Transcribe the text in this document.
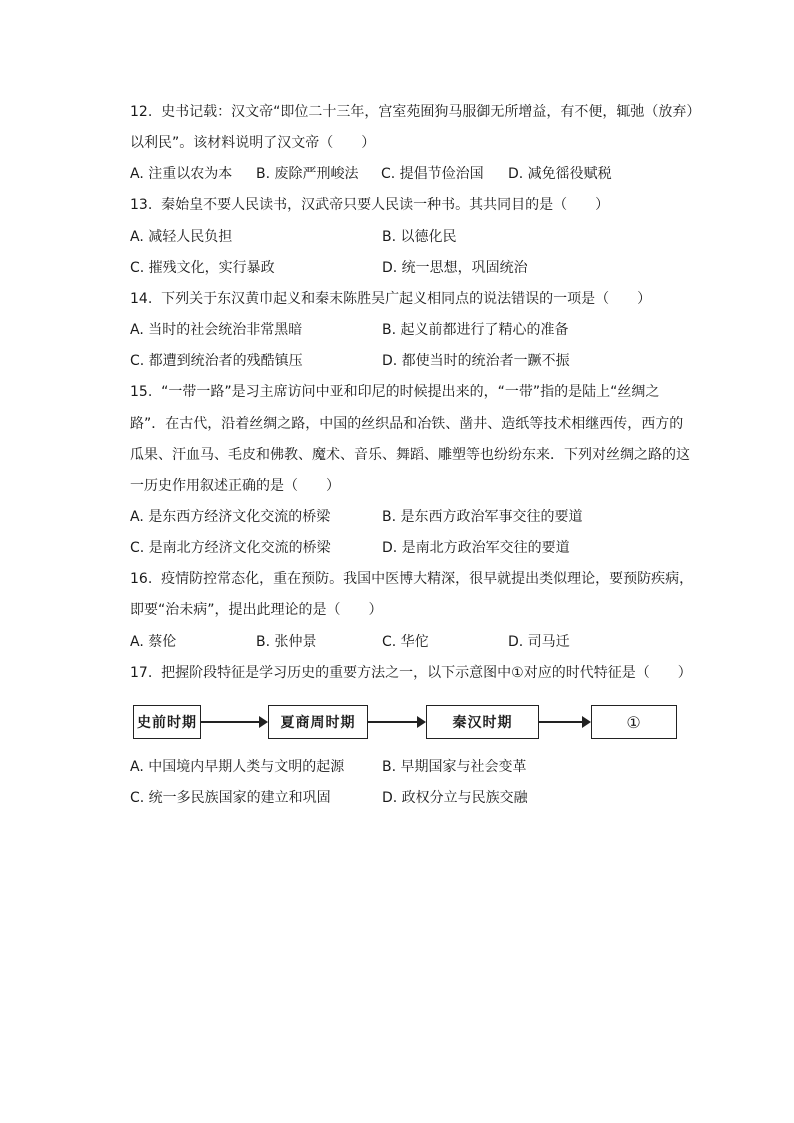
12.  史书记载：汉文帝“即位二十三年，宫室苑囿狗马服御无所增益，有不便，辄弛（放弃）
以利民”。该材料说明了汉文帝（　　）
A. 注重以农为本 B. 废除严刑峻法 C. 提倡节俭治国 D. 减免徭役赋税
13.  秦始皇不要人民读书，汉武帝只要人民读一种书。其共同目的是（　　）
A. 减轻人民负担	B. 以德化民
C. 摧残文化，实行暴政	D. 统一思想，巩固统治
14.  下列关于东汉黄巾起义和秦末陈胜吴广起义相同点的说法错误的一项是（　　）
A. 当时的社会统治非常黑暗	B. 起义前都进行了精心的准备
C. 都遭到统治者的残酷镇压	D. 都使当时的统治者一蹶不振
15.  “一带一路”是习主席访问中亚和印尼的时候提出来的，“一带”指的是陆上“丝绸之
路”．在古代，沿着丝绸之路，中国的丝织品和冶铁、凿井、造纸等技术相继西传，西方的
瓜果、汗血马、毛皮和佛教、魔术、音乐、舞蹈、雕塑等也纷纷东来．下列对丝绸之路的这
一历史作用叙述正确的是（　　）
A. 是东西方经济文化交流的桥梁	B. 是东西方政治军事交往的要道
C. 是南北方经济文化交流的桥梁	D. 是南北方政治军交往的要道
16.  疫情防控常态化，重在预防。我国中医博大精深，很早就提出类似理论，要预防疾病，
即要“治未病”，提出此理论的是（　　）
A. 蔡伦	B. 张仲景	C. 华佗	D. 司马迁
17.  把握阶段特征是学习历史的重要方法之一，以下示意图中①对应的时代特征是（　　）
史前时期	夏商周时期	秦汉时期	①
A. 中国境内早期人类与文明的起源	B. 早期国家与社会变革
C. 统一多民族国家的建立和巩固	D. 政权分立与民族交融
